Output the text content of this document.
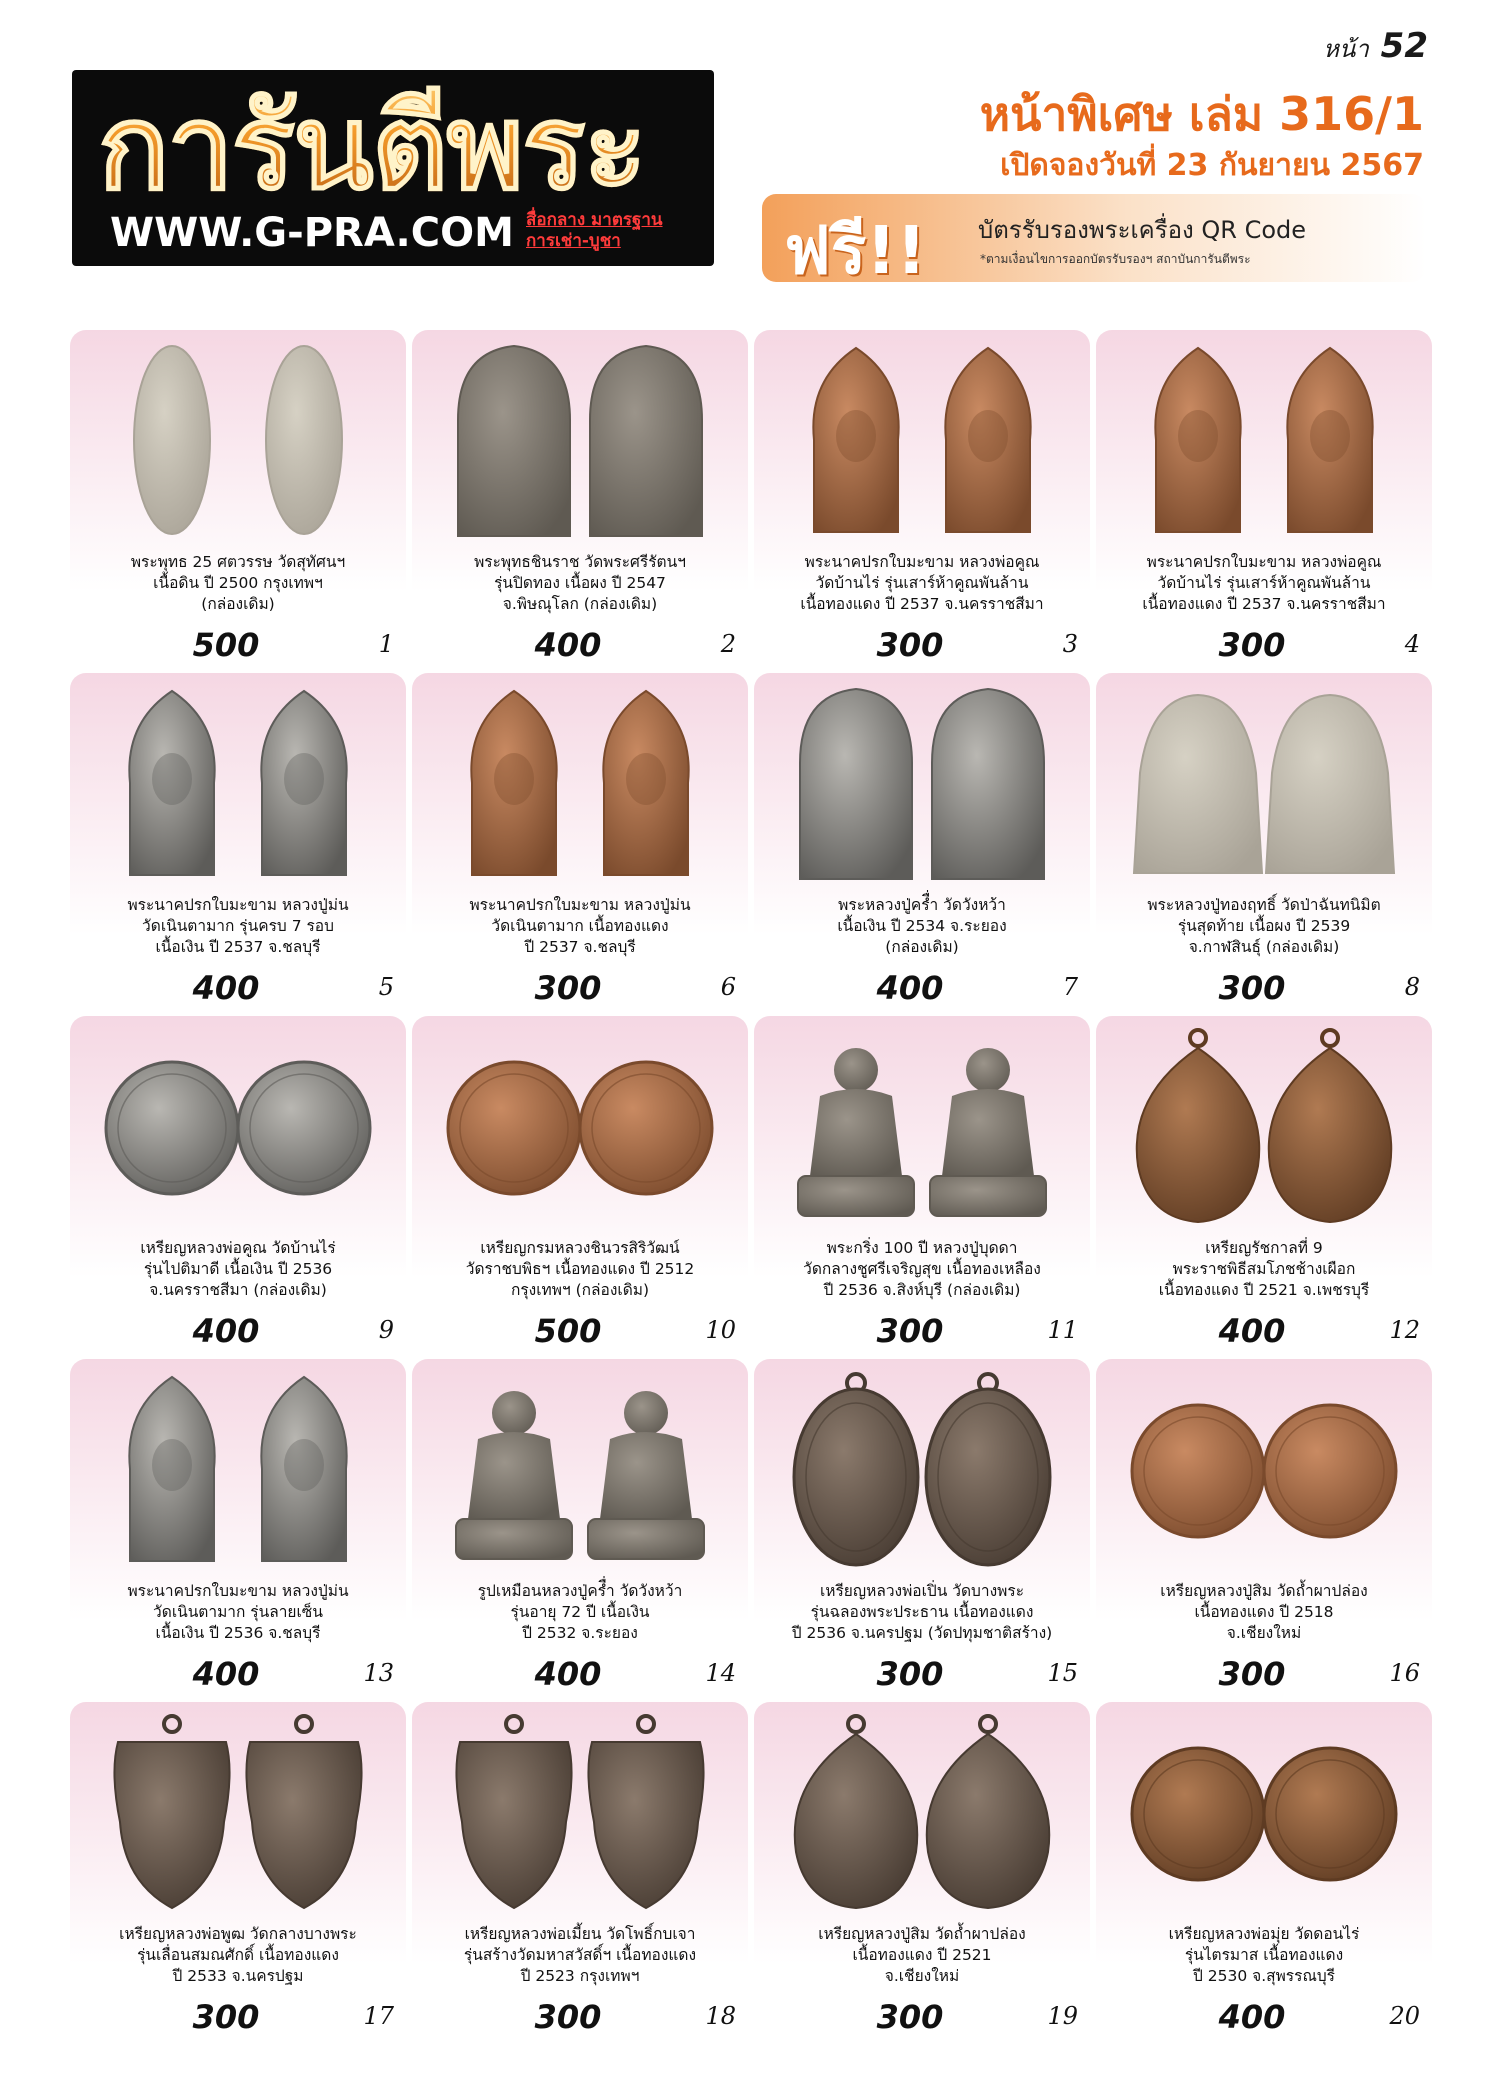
การันตีพระ
WWW.G-PRA.COM สื่อกลาง มาตรฐาน
การเช่า-บูชา
หน้า 52
หน้าพิเศษ เล่ม 316/1
เปิดจองวันที่ 23 กันยายน 2567
ฟรี!! บัตรรับรองพระเครื่อง QR Code
*ตามเงื่อนไขการออกบัตรรับรองฯ สถาบันการันตีพระ
พระพุทธ 25 ศตวรรษ วัดสุทัศนฯ
เนื้อดิน ปี 2500 กรุงเทพฯ
(กล่องเดิม)
500	1
พระพุทธชินราช วัดพระศรีรัตนฯ
รุ่นปิดทอง เนื้อผง ปี 2547
จ.พิษณุโลก (กล่องเดิม)
400	2
พระนาคปรกใบมะขาม หลวงพ่อคูณ
วัดบ้านไร่ รุ่นเสาร์ห้าคูณพันล้าน
เนื้อทองแดง ปี 2537 จ.นครราชสีมา
300	3
พระนาคปรกใบมะขาม หลวงพ่อคูณ
วัดบ้านไร่ รุ่นเสาร์ห้าคูณพันล้าน
เนื้อทองแดง ปี 2537 จ.นครราชสีมา
300	4
พระนาคปรกใบมะขาม หลวงปู่ม่น
วัดเนินตามาก รุ่นครบ 7 รอบ
เนื้อเงิน ปี 2537 จ.ชลบุรี
400	5
พระนาคปรกใบมะขาม หลวงปู่ม่น
วัดเนินตามาก เนื้อทองแดง
ปี 2537 จ.ชลบุรี
300	6
พระหลวงปู่ครื่ำ วัดวังหว้า
เนื้อเงิน ปี 2534 จ.ระยอง
(กล่องเดิม)
400	7
พระหลวงปู่ทองฤทธิ์ วัดป่าฉันทนิมิต
รุ่นสุดท้าย เนื้อผง ปี 2539
จ.กาฬสินธุ์ (กล่องเดิม)
300	8
เหรียญหลวงพ่อคูณ วัดบ้านไร่
รุ่นไปติมาดี เนื้อเงิน ปี 2536
จ.นครราชสีมา (กล่องเดิม)
400	9
เหรียญกรมหลวงชินวรสิริวัฒน์
วัดราชบพิธฯ เนื้อทองแดง ปี 2512
กรุงเทพฯ (กล่องเดิม)
500	10
พระกริ่ง 100 ปี หลวงปู่บุดดา
วัดกลางชูศรีเจริญสุข เนื้อทองเหลือง
ปี 2536 จ.สิงห์บุรี (กล่องเดิม)
300	11
เหรียญรัชกาลที่ 9
พระราชพิธีสมโภชช้างเผือก
เนื้อทองแดง ปี 2521 จ.เพชรบุรี
400	12
พระนาคปรกใบมะขาม หลวงปู่ม่น
วัดเนินตามาก รุ่นลายเซ็น
เนื้อเงิน ปี 2536 จ.ชลบุรี
400	13
รูปเหมือนหลวงปู่ครื่ำ วัดวังหว้า
รุ่นอายุ 72 ปี เนื้อเงิน
ปี 2532 จ.ระยอง
400	14
เหรียญหลวงพ่อเปิ่น วัดบางพระ
รุ่นฉลองพระประธาน เนื้อทองแดง
ปี 2536 จ.นครปฐม (วัดปทุมชาติสร้าง)
300	15
เหรียญหลวงปู่สิม วัดถ้ำผาปล่อง
เนื้อทองแดง ปี 2518
จ.เชียงใหม่
300	16
เหรียญหลวงพ่อพูฒ วัดกลางบางพระ
รุ่นเลื่อนสมณศักดิ์ เนื้อทองแดง
ปี 2533 จ.นครปฐม
300	17
เหรียญหลวงพ่อเมี้ยน วัดโพธิ์กบเจา
รุ่นสร้างวัดมหาสวัสดิ์ฯ เนื้อทองแดง
ปี 2523 กรุงเทพฯ
300	18
เหรียญหลวงปู่สิม วัดถ้ำผาปล่อง
เนื้อทองแดง ปี 2521
จ.เชียงใหม่
300	19
เหรียญหลวงพ่อมุ่ย วัดดอนไร่
รุ่นไตรมาส เนื้อทองแดง
ปี 2530 จ.สุพรรณบุรี
400	20
